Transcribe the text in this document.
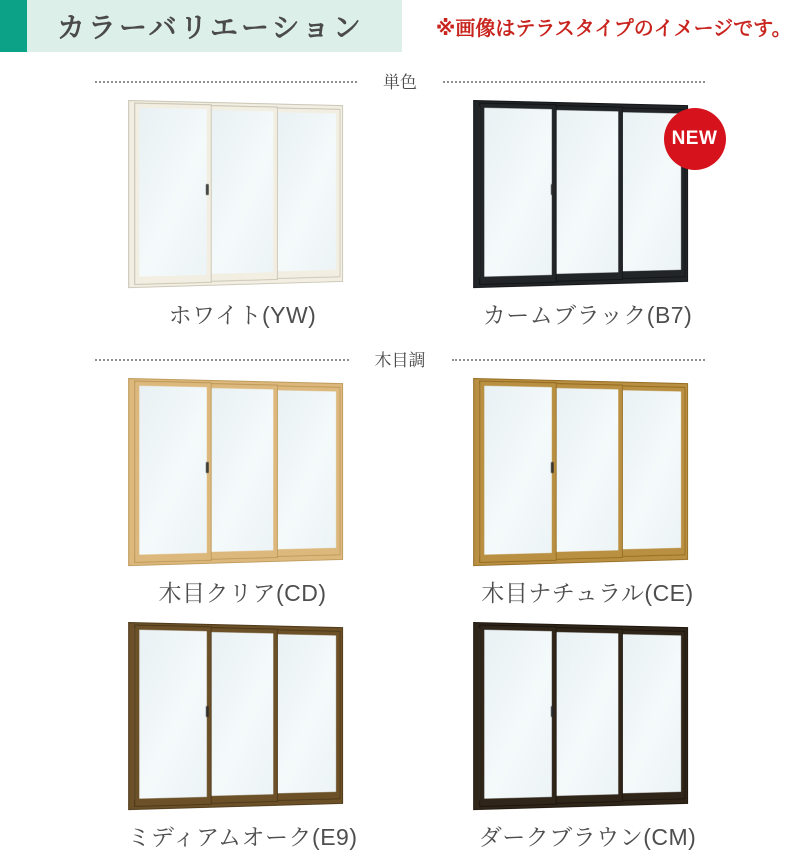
カラーバリエーション	※画像はテラスタイプのイメージです。
単色
ホワイト(YW)
NEW
カームブラック(B7)
木目調
木目クリア(CD)	木目ナチュラル(CE)
ミディアムオーク(E9)	ダークブラウン(CM)
